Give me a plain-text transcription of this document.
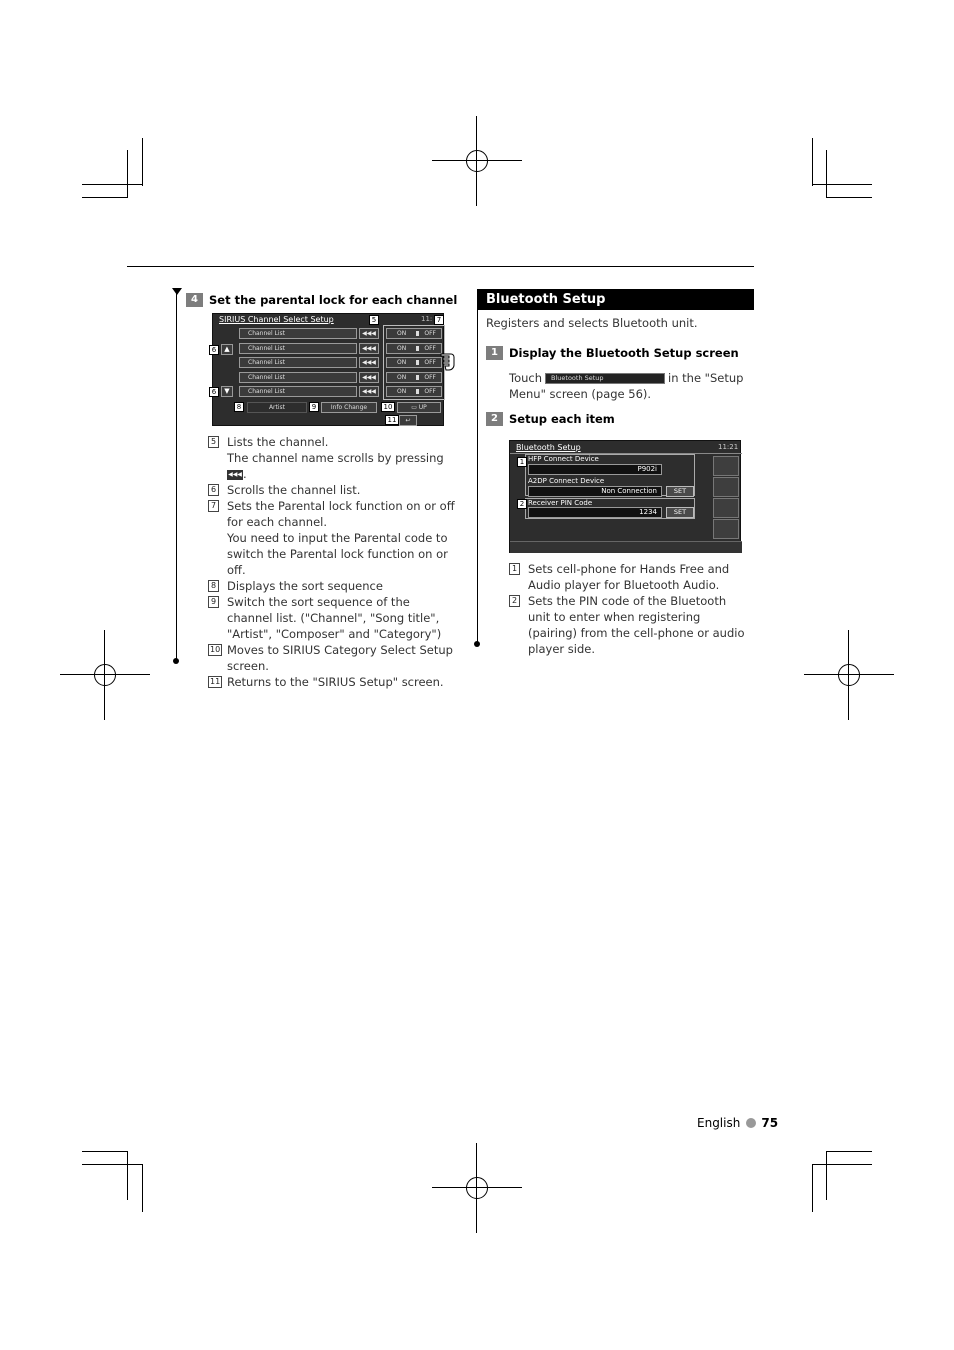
4 Set the parental lock for each channel
SIRIUS Channel Select Setup	5	11: 7
Channel List
Channel List
Channel List
Channel List
Channel List
◀◀◀
◀◀◀
◀◀◀
◀◀◀
◀◀◀
ON	OFF
ON	OFF
ON	OFF
ON	OFF
ON	OFF
6	▲
6	▼
8	Artist	9	Info Change	10	▭ UP
11	↩
5 Lists the channel.
The channel name scrolls by pressing ◀◀◀.
6 Scrolls the channel list.
7 Sets the Parental lock function on or off for each channel.
You need to input the Parental code to switch the Parental lock function on or off.
8 Displays the sort sequence
9 Switch the sort sequence of the channel list. ("Channel", "Song title", "Artist", "Composer" and "Category")
10 Moves to SIRIUS Category Select Setup screen.
11 Returns to the "SIRIUS Setup" screen.
Bluetooth Setup
Registers and selects Bluetooth unit.
1 Display the Bluetooth Setup screen
Touch Bluetooth Setup	in the "Setup
Menu" screen (page 56).
2 Setup each item
Bluetooth Setup	11:21
1 HFP Connect Device
P902i
A2DP Connect Device
Non Connection	SET
2 Receiver PIN Code
1234	SET
1 Sets cell-phone for Hands Free and Audio player for Bluetooth Audio.
2 Sets the PIN code of the Bluetooth unit to enter when registering (pairing) from the cell-phone or audio player side.
English 75
